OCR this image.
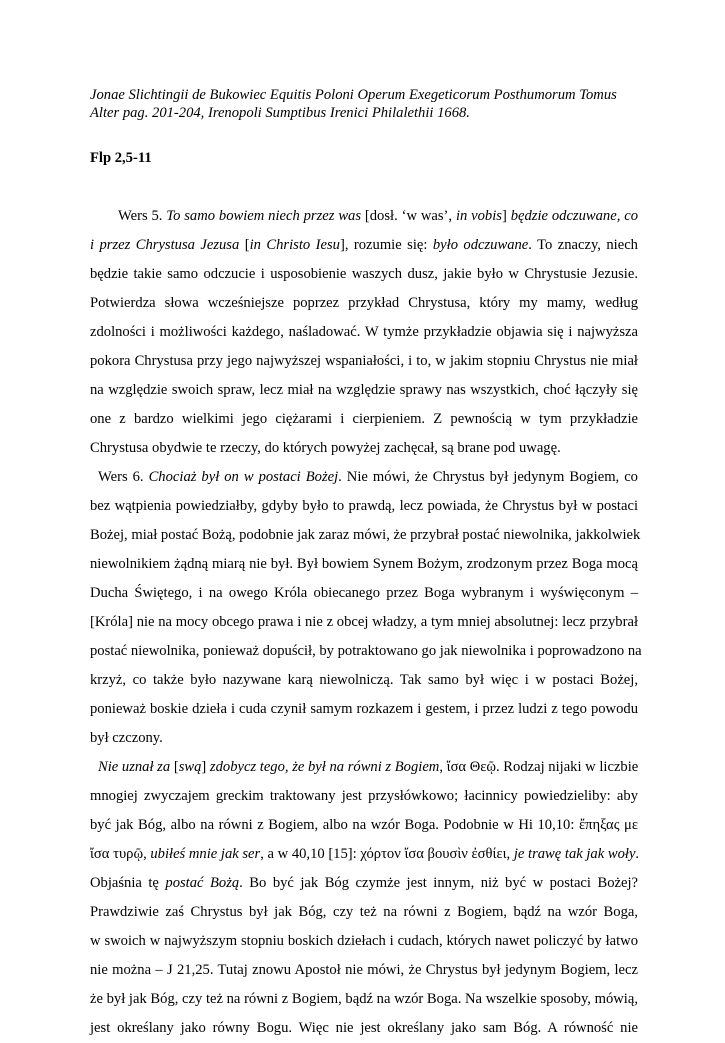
Jonae Slichtingii de Bukowiec Equitis Poloni Operum Exegeticorum Posthumorum Tomus
Alter pag. 201-204, Irenopoli Sumptibus Irenici Philalethii 1668.
Flp 2,5-11
Wers 5. To samo bowiem niech przez was [dosł. ‘w was’, in vobis] będzie odczuwane, co
i przez Chrystusa Jezusa [in Christo Iesu], rozumie się: było odczuwane. To znaczy, niech
będzie takie samo odczucie i usposobienie waszych dusz, jakie było w Chrystusie Jezusie.
Potwierdza słowa wcześniejsze poprzez przykład Chrystusa, który my mamy, według
zdolności i możliwości każdego, naśladować. W tymże przykładzie objawia się i najwyższa
pokora Chrystusa przy jego najwyższej wspaniałości, i to, w jakim stopniu Chrystus nie miał
na względzie swoich spraw, lecz miał na względzie sprawy nas wszystkich, choć łączyły się
one z bardzo wielkimi jego ciężarami i cierpieniem. Z pewnością w tym przykładzie
Chrystusa obydwie te rzeczy, do których powyżej zachęcał, są brane pod uwagę.
Wers 6. Chociaż był on w postaci Bożej. Nie mówi, że Chrystus był jedynym Bogiem, co
bez wątpienia powiedziałby, gdyby było to prawdą, lecz powiada, że Chrystus był w postaci
Bożej, miał postać Bożą, podobnie jak zaraz mówi, że przybrał postać niewolnika, jakkolwiek
niewolnikiem żądną miarą nie był. Był bowiem Synem Bożym, zrodzonym przez Boga mocą
Ducha Świętego, i na owego Króla obiecanego przez Boga wybranym i wyświęconym –
[Króla] nie na mocy obcego prawa i nie z obcej władzy, a tym mniej absolutnej: lecz przybrał
postać niewolnika, ponieważ dopuścił, by potraktowano go jak niewolnika i poprowadzono na
krzyż, co także było nazywane karą niewolniczą. Tak samo był więc i w postaci Bożej,
ponieważ boskie dzieła i cuda czynił samym rozkazem i gestem, i przez ludzi z tego powodu
był czczony.
Nie uznał za [swą] zdobycz tego, że był na równi z Bogiem, ἴσα Θεῷ. Rodzaj nijaki w liczbie
mnogiej zwyczajem greckim traktowany jest przysłówkowo; łacinnicy powiedzieliby: aby
być jak Bóg, albo na równi z Bogiem, albo na wzór Boga. Podobnie w Hi 10,10: ἔπηξας με
ἴσα τυρῷ, ubiłeś mnie jak ser, a w 40,10 [15]: χόρτον ἴσα βουσὶν ἐσθίει, je trawę tak jak woły.
Objaśnia tę postać Bożą. Bo być jak Bóg czymże jest innym, niż być w postaci Bożej?
Prawdziwie zaś Chrystus był jak Bóg, czy też na równi z Bogiem, bądź na wzór Boga,
w swoich w najwyższym stopniu boskich dziełach i cudach, których nawet policzyć by łatwo
nie można – J 21,25. Tutaj znowu Apostoł nie mówi, że Chrystus był jedynym Bogiem, lecz
że był jak Bóg, czy też na równi z Bogiem, bądź na wzór Boga. Na wszelkie sposoby, mówią,
jest określany jako równy Bogu. Więc nie jest określany jako sam Bóg. A równość nie
